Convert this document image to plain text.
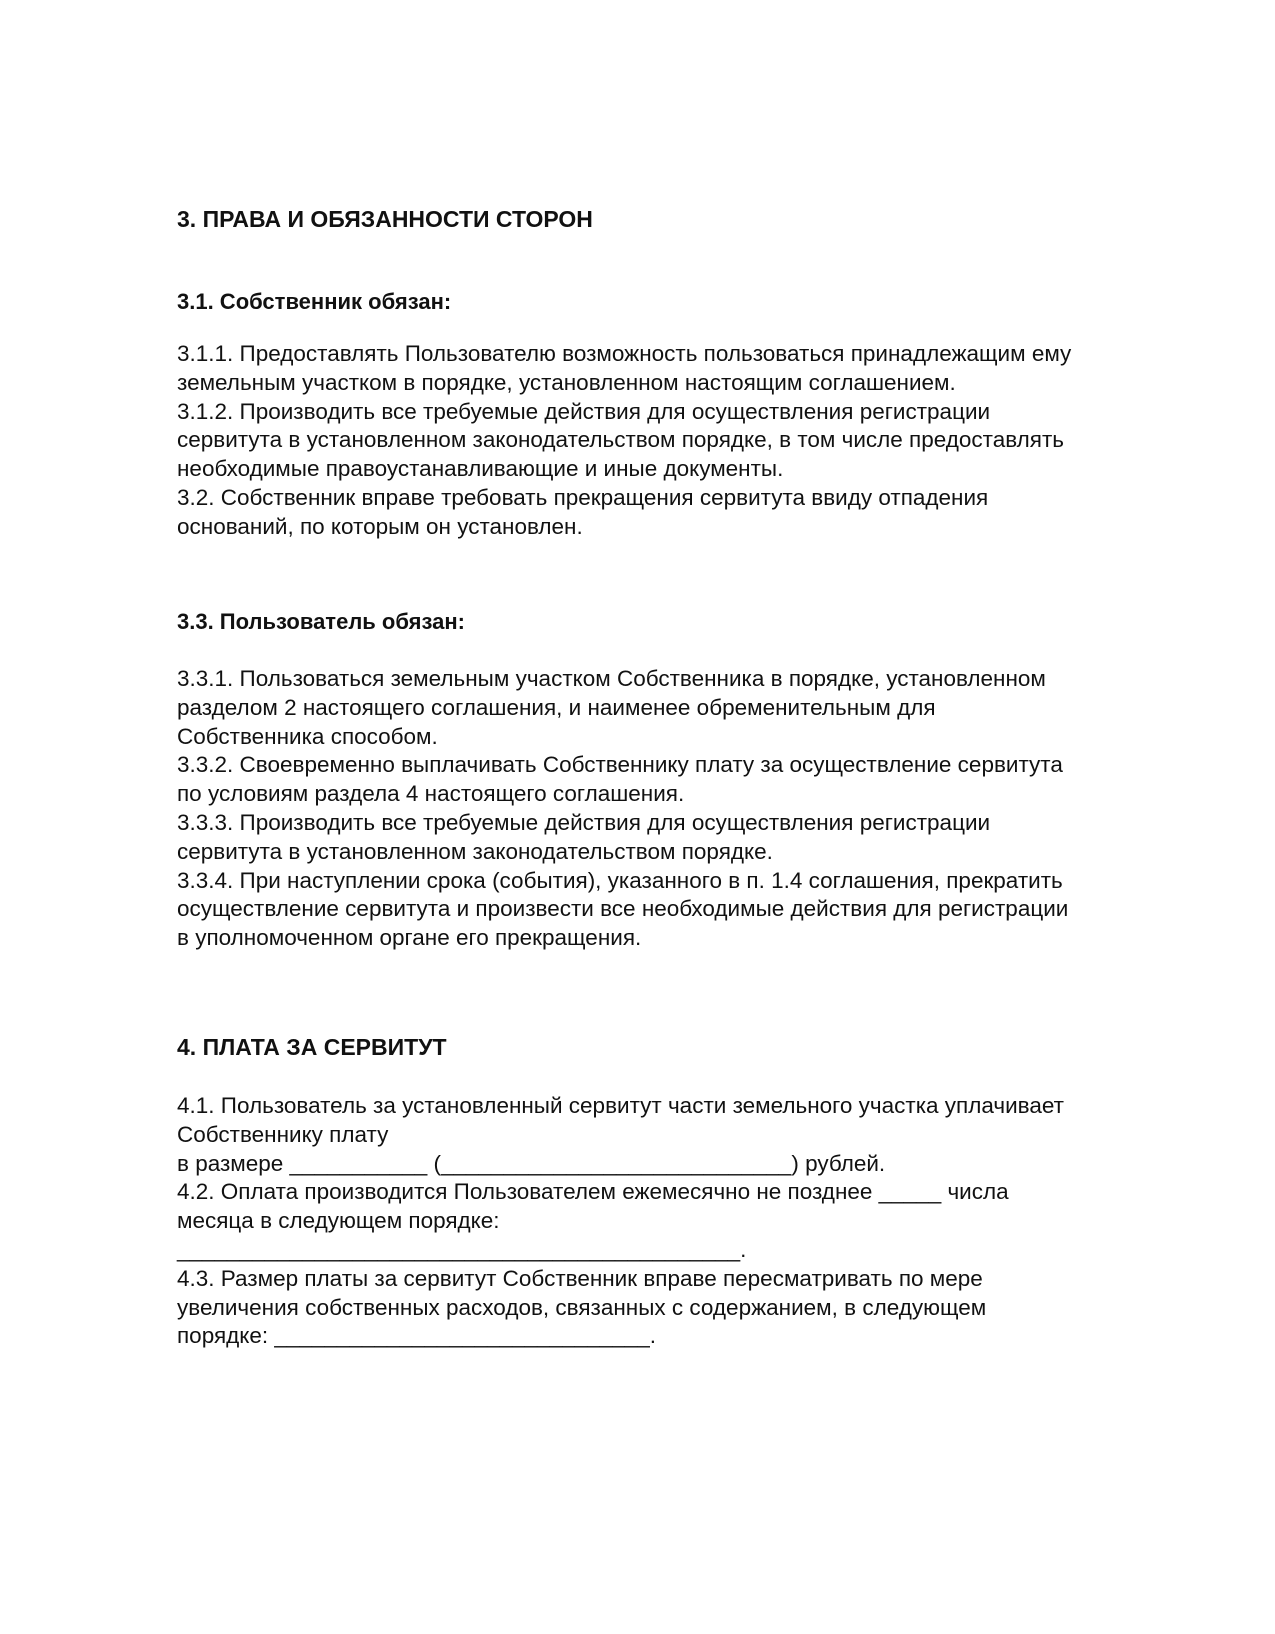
3. ПРАВА И ОБЯЗАННОСТИ СТОРОН
3.1. Собственник обязан:
3.1.1. Предоставлять Пользователю возможность пользоваться принадлежащим ему
земельным участком в порядке, установленном настоящим соглашением.
3.1.2. Производить все требуемые действия для осуществления регистрации
сервитута в установленном законодательством порядке, в том числе предоставлять
необходимые правоустанавливающие и иные документы.
3.2. Собственник вправе требовать прекращения сервитута ввиду отпадения
оснований, по которым он установлен.
3.3. Пользователь обязан:
3.3.1. Пользоваться земельным участком Собственника в порядке, установленном
разделом 2 настоящего соглашения, и наименее обременительным для
Собственника способом.
3.3.2. Своевременно выплачивать Собственнику плату за осуществление сервитута
по условиям раздела 4 настоящего соглашения.
3.3.3. Производить все требуемые действия для осуществления регистрации
сервитута в установленном законодательством порядке.
3.3.4. При наступлении срока (события), указанного в п. 1.4 соглашения, прекратить
осуществление сервитута и произвести все необходимые действия для регистрации
в уполномоченном органе его прекращения.
4. ПЛАТА ЗА СЕРВИТУТ
4.1. Пользователь за установленный сервитут части земельного участка уплачивает
Собственнику плату
в размере ___________ (____________________________) рублей.
4.2. Оплата производится Пользователем ежемесячно не позднее _____ числа
месяца в следующем порядке:
_____________________________________________.
4.3. Размер платы за сервитут Собственник вправе пересматривать по мере
увеличения собственных расходов, связанных с содержанием, в следующем
порядке: ______________________________.
